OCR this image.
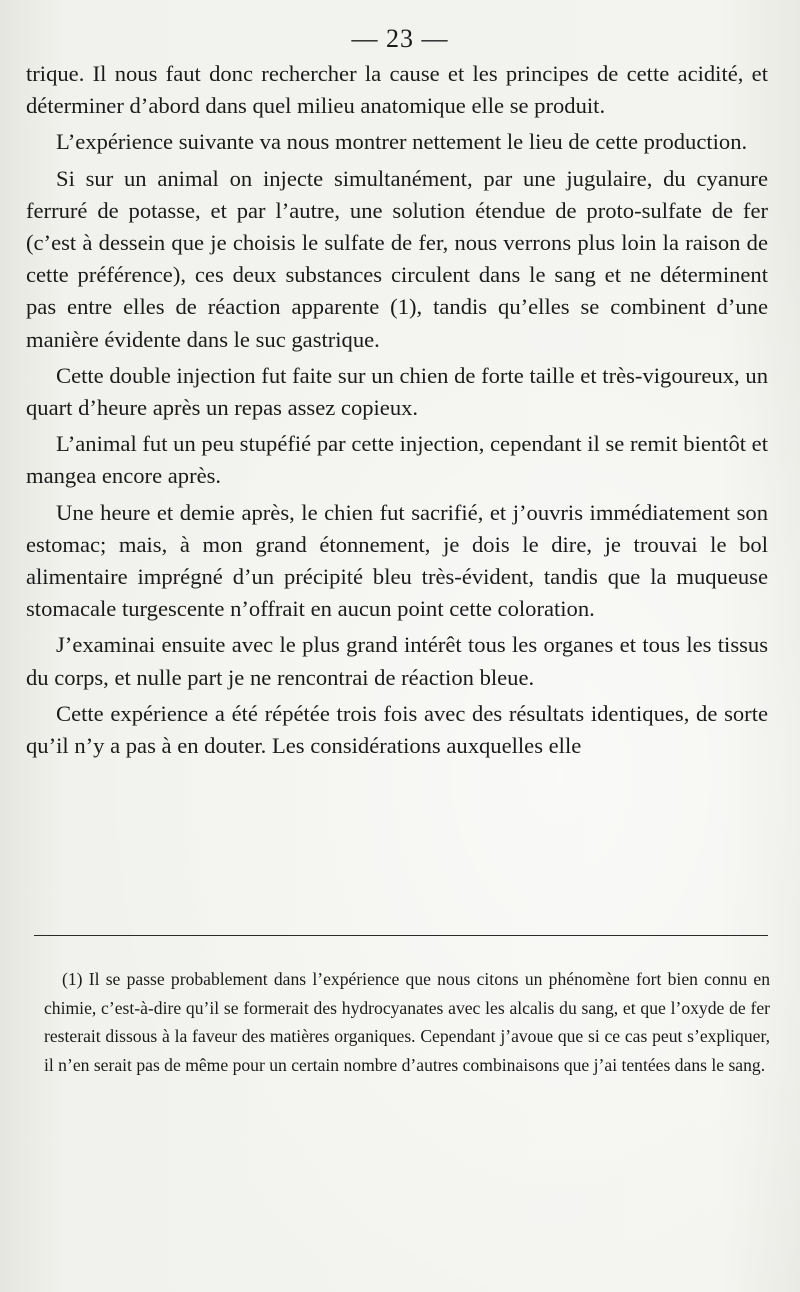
— 23 —

trique. Il nous faut donc rechercher la cause et les principes de cette acidité, et déterminer d’abord dans quel milieu anatomique elle se produit.

L’expérience suivante va nous montrer nettement le lieu de cette production.

Si sur un animal on injecte simultanément, par une jugulaire, du cyanure ferruré de potasse, et par l’autre, une solution étendue de proto-sulfate de fer (c’est à dessein que je choisis le sulfate de fer, nous verrons plus loin la raison de cette préférence), ces deux substances circulent dans le sang et ne déterminent pas entre elles de réaction apparente (1), tandis qu’elles se combinent d’une manière évidente dans le suc gastrique.

Cette double injection fut faite sur un chien de forte taille et très-vigoureux, un quart d’heure après un repas assez copieux.

L’animal fut un peu stupéfié par cette injection, cependant il se remit bientôt et mangea encore après.

Une heure et demie après, le chien fut sacrifié, et j’ouvris immédiatement son estomac; mais, à mon grand étonnement, je dois le dire, je trouvai le bol alimentaire imprégné d’un précipité bleu très-évident, tandis que la muqueuse stomacale turgescente n’offrait en aucun point cette coloration.

J’examinai ensuite avec le plus grand intérêt tous les organes et tous les tissus du corps, et nulle part je ne rencontrai de réaction bleue.

Cette expérience a été répétée trois fois avec des résultats identiques, de sorte qu’il n’y a pas à en douter. Les considérations auxquelles elle

(1) Il se passe probablement dans l’expérience que nous citons un phénomène fort bien connu en chimie, c’est-à-dire qu’il se formerait des hydrocyanates avec les alcalis du sang, et que l’oxyde de fer resterait dissous à la faveur des matières organiques. Cependant j’avoue que si ce cas peut s’expliquer, il n’en serait pas de même pour un certain nombre d’autres combinaisons que j’ai tentées dans le sang.
